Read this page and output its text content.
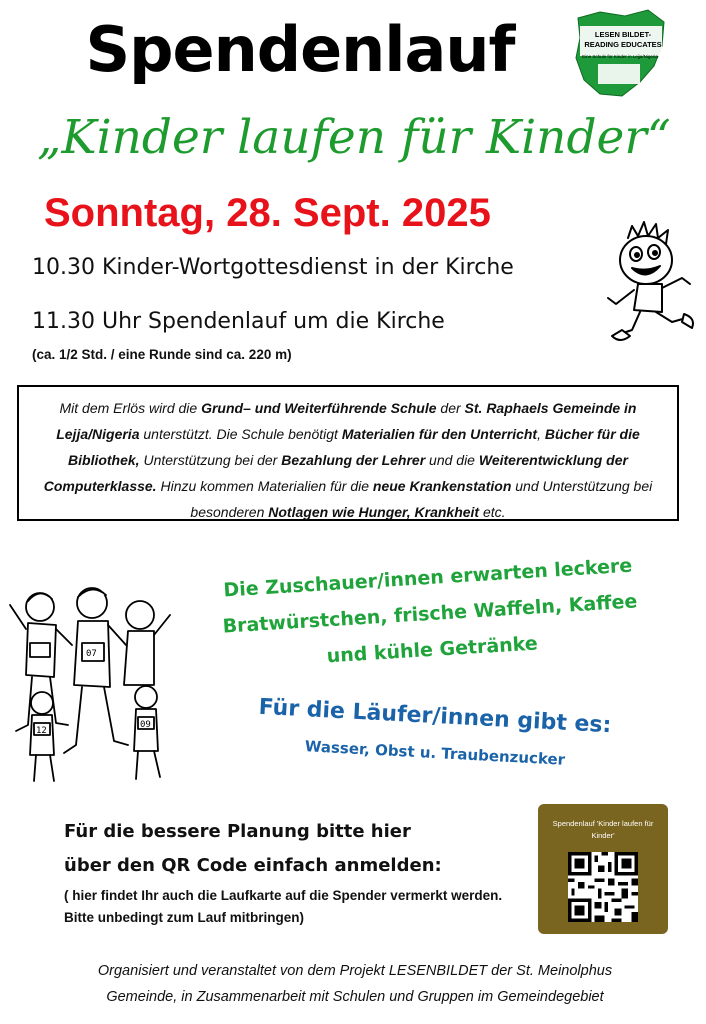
Spendenlauf	LESEN BILDET-
READING EDUCATES
Eine Schule für Kinder in Lejja/Nigeria
„Kinder laufen für Kinder“
Sonntag, 28. Sept. 2025
10.30 Kinder-Wortgottesdienst in der Kirche
11.30 Uhr Spendenlauf um die Kirche
(ca. 1/2 Std. / eine Runde sind ca. 220 m)
Mit dem Erlös wird die Grund– und Weiterführende Schule der St. Raphaels Gemeinde in Lejja/Nigeria unterstützt. Die Schule benötigt Materialien für den Unterricht, Bücher für die Bibliothek, Unterstützung bei der Bezahlung der Lehrer und die Weiterentwicklung der Computerklasse. Hinzu kommen Materialien für die neue Krankenstation und Unterstützung bei besonderen Notlagen wie Hunger, Krankheit etc.
07
12
09
Die Zuschauer/innen erwarten leckere
Bratwürstchen, frische Waffeln, Kaffee
und kühle Getränke
Für die Läufer/innen gibt es:
Wasser, Obst u. Traubenzucker
Für die bessere Planung bitte hier
über den QR Code einfach anmelden:
( hier findet Ihr auch die Laufkarte auf die Spender vermerkt werden. Bitte unbedingt zum Lauf mitbringen)
Spendenlauf 'Kinder laufen für Kinder'
Organisiert und veranstaltet von dem Projekt LESENBILDET der St. Meinolphus
Gemeinde, in Zusammenarbeit mit Schulen und Gruppen im Gemeindegebiet
